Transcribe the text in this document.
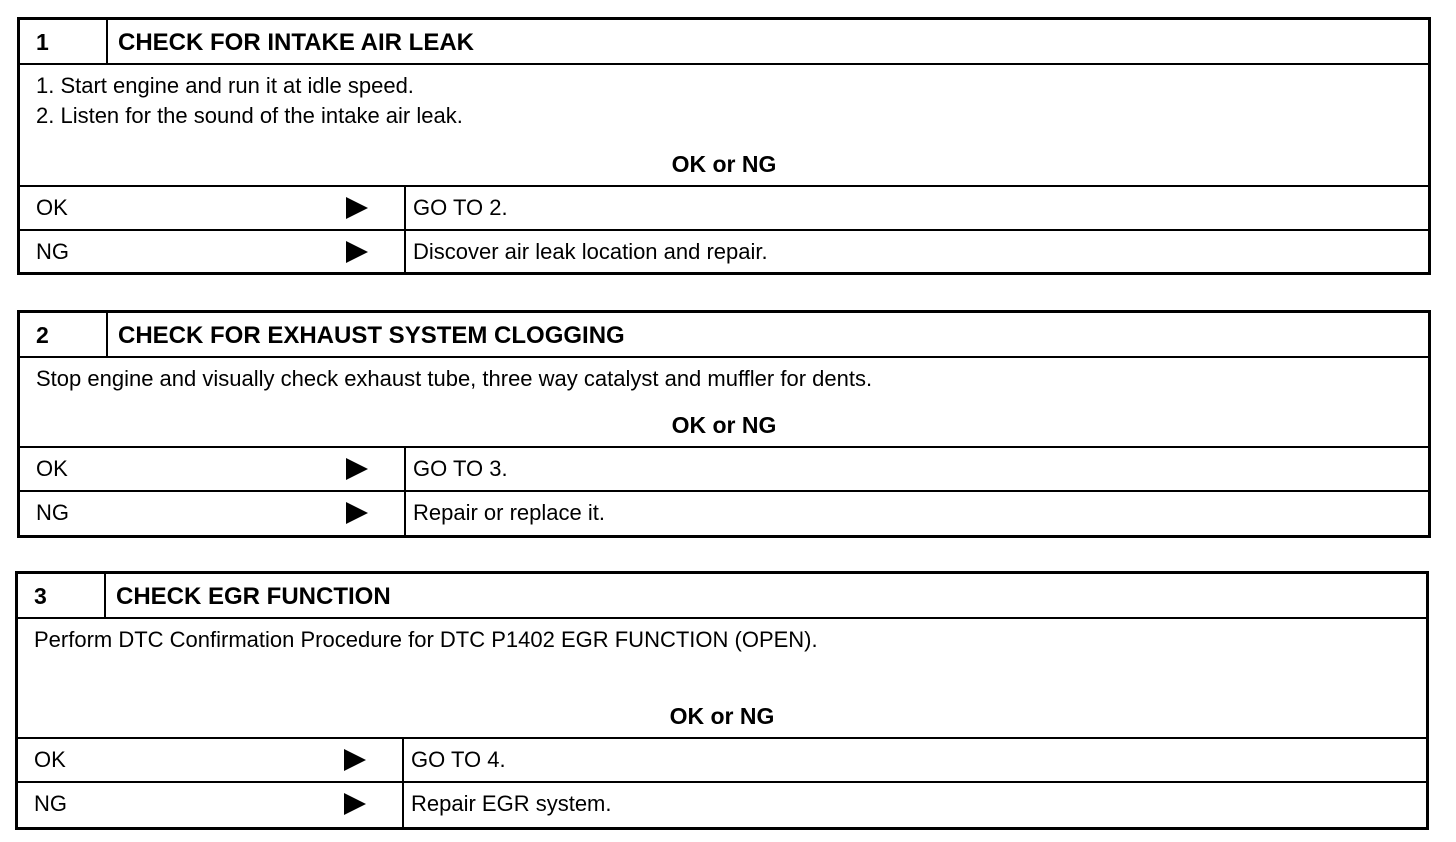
1	CHECK FOR INTAKE AIR LEAK
1. Start engine and run it at idle speed.
2. Listen for the sound of the intake air leak.
OK or NG
OK	GO TO 2.
NG	Discover air leak location and repair.
2	CHECK FOR EXHAUST SYSTEM CLOGGING
Stop engine and visually check exhaust tube, three way catalyst and muffler for dents.
OK or NG
OK	GO TO 3.
NG	Repair or replace it.
3	CHECK EGR FUNCTION
Perform DTC Confirmation Procedure for DTC P1402 EGR FUNCTION (OPEN).
OK or NG
OK	GO TO 4.
NG	Repair EGR system.
